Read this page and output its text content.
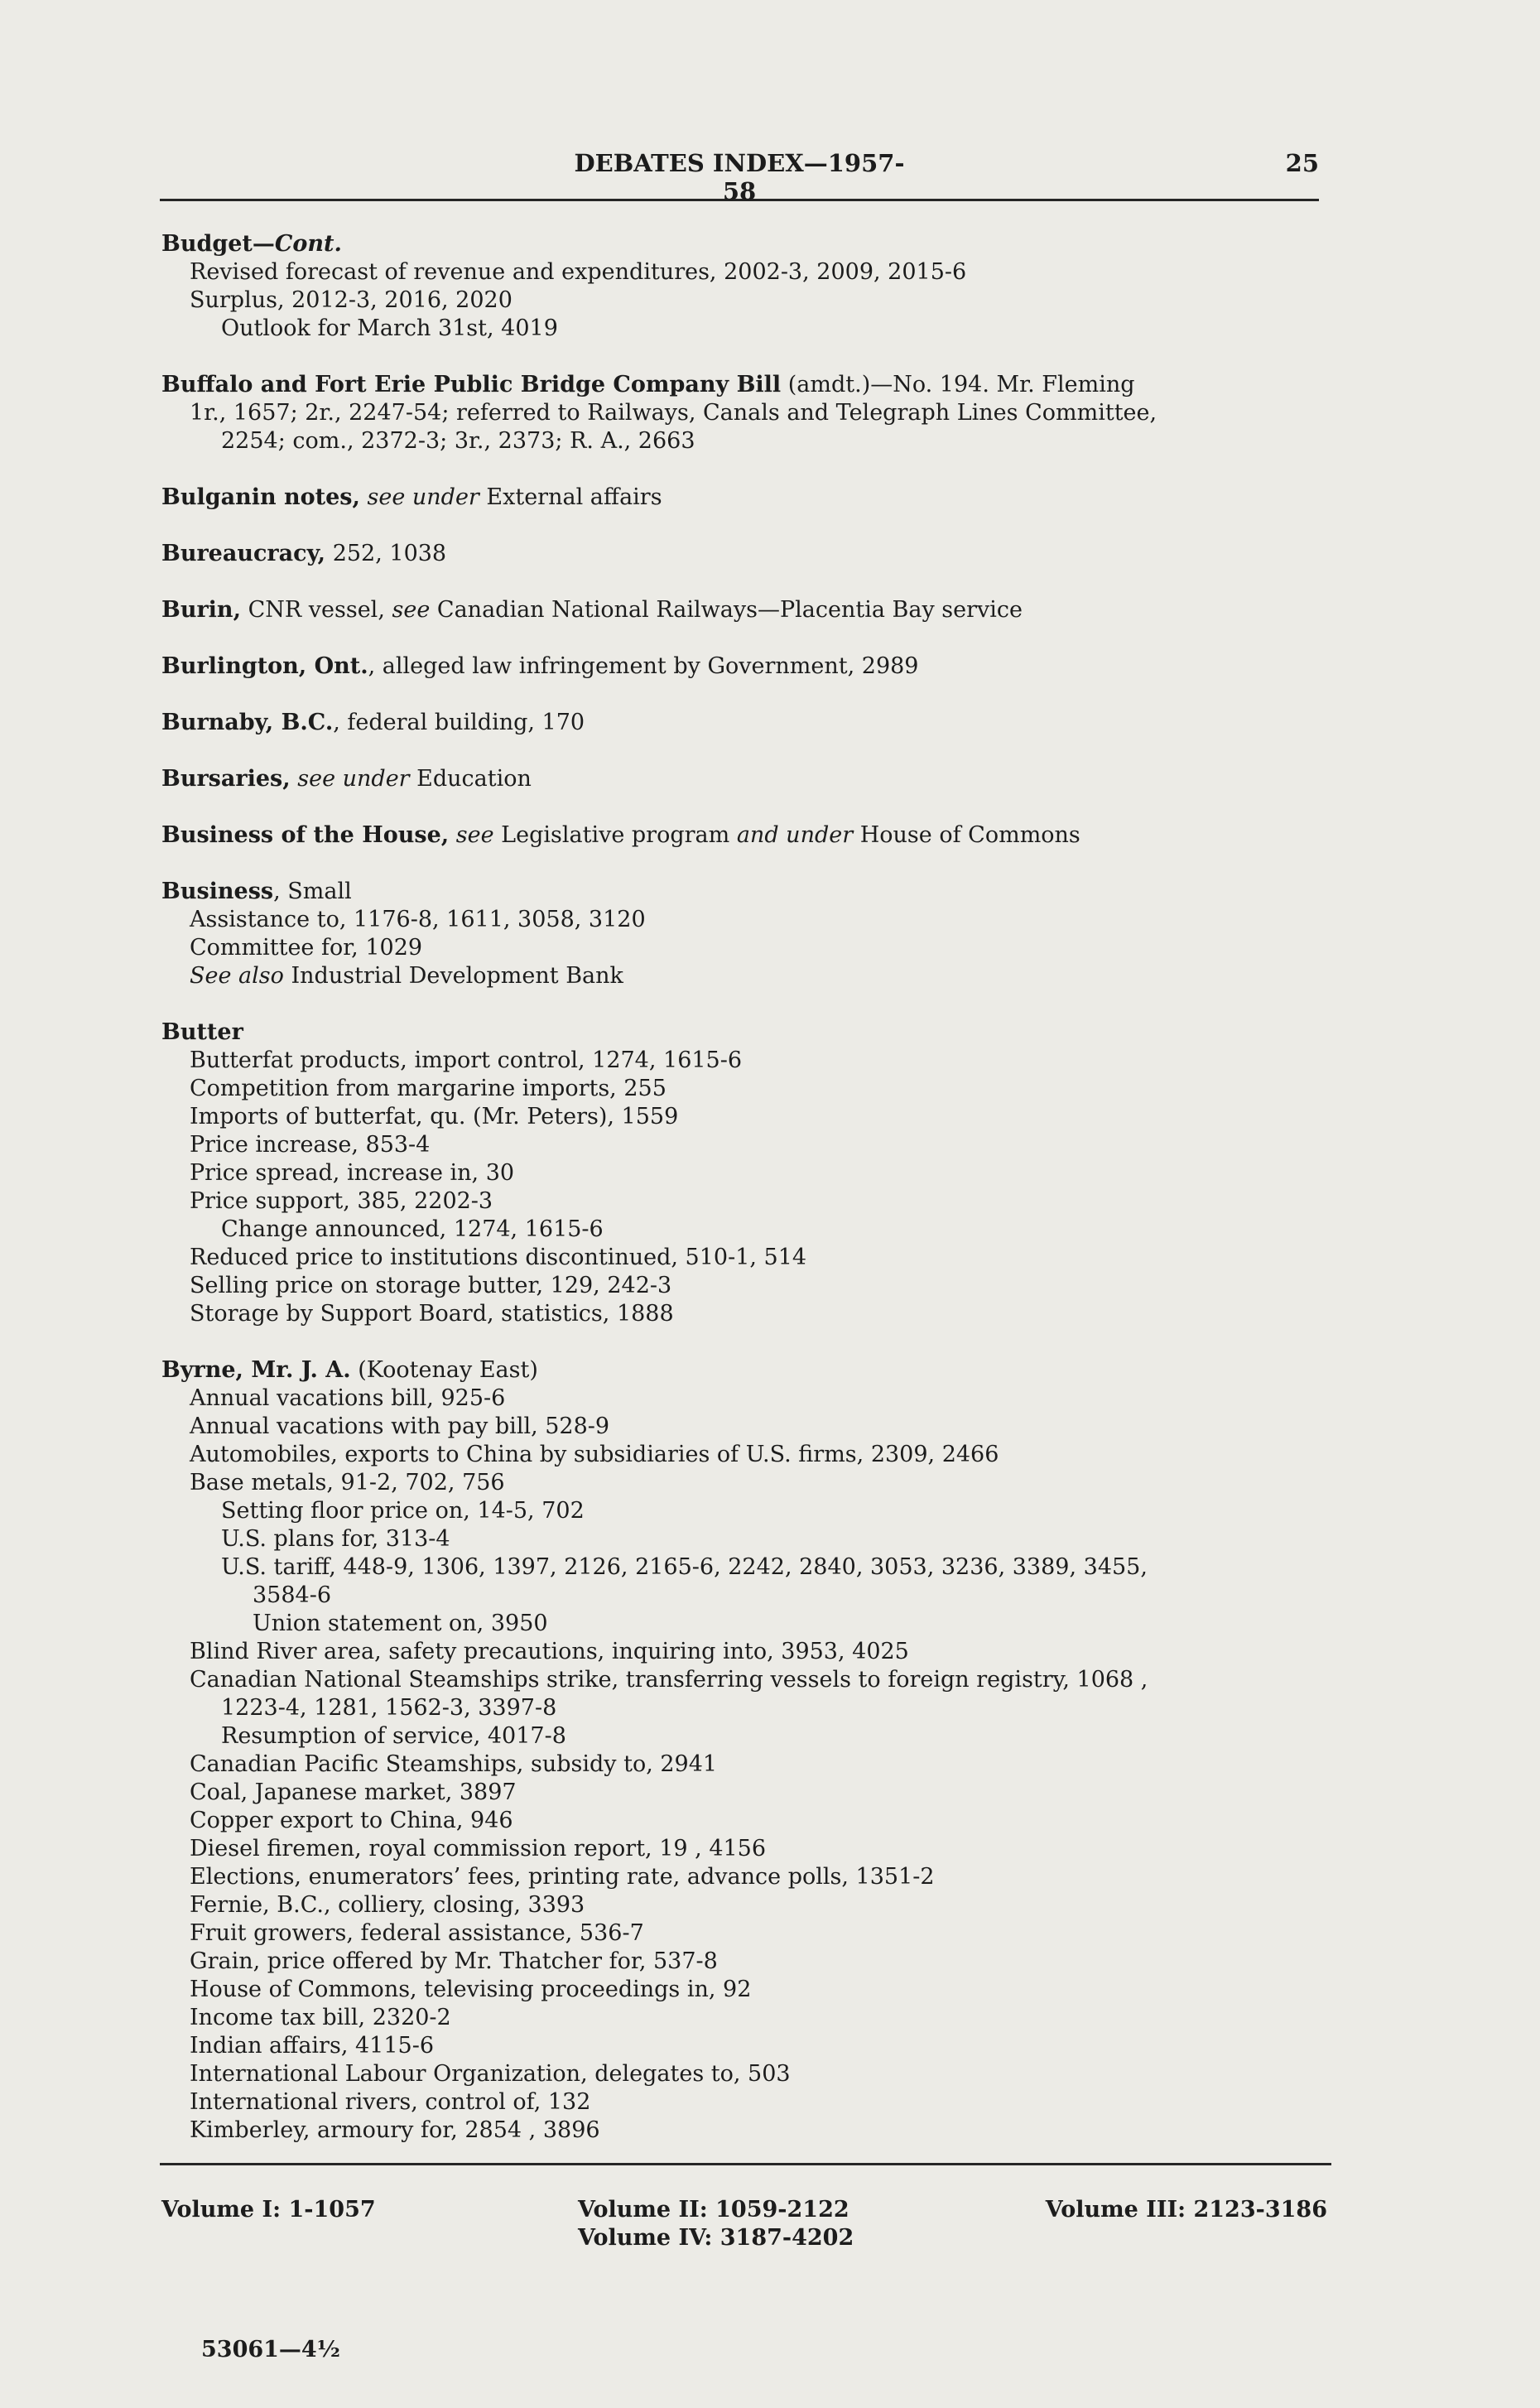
DEBATES INDEX—1957-58
25
Budget—Cont.
Revised forecast of revenue and expenditures, 2002-3, 2009, 2015-6
Surplus, 2012-3, 2016, 2020
Outlook for March 31st, 4019
Buffalo and Fort Erie Public Bridge Company Bill (amdt.)—No. 194. Mr. Fleming
1r., 1657; 2r., 2247-54; referred to Railways, Canals and Telegraph Lines Committee,
2254; com., 2372-3; 3r., 2373; R. A., 2663
Bulganin notes, see under External affairs
Bureaucracy, 252, 1038
Burin, CNR vessel, see Canadian National Railways—Placentia Bay service
Burlington, Ont., alleged law infringement by Government, 2989
Burnaby, B.C., federal building, 170
Bursaries, see under Education
Business of the House, see Legislative program and under House of Commons
Business, Small
Assistance to, 1176-8, 1611, 3058, 3120
Committee for, 1029
See also Industrial Development Bank
Butter
Butterfat products, import control, 1274, 1615-6
Competition from margarine imports, 255
Imports of butterfat, qu. (Mr. Peters), 1559
Price increase, 853-4
Price spread, increase in, 30
Price support, 385, 2202-3
Change announced, 1274, 1615-6
Reduced price to institutions discontinued, 510-1, 514
Selling price on storage butter, 129, 242-3
Storage by Support Board, statistics, 1888
Byrne, Mr. J. A. (Kootenay East)
Annual vacations bill, 925-6
Annual vacations with pay bill, 528-9
Automobiles, exports to China by subsidiaries of U.S. firms, 2309, 2466
Base metals, 91-2, 702, 756
Setting floor price on, 14-5, 702
U.S. plans for, 313-4
U.S. tariff, 448-9, 1306, 1397, 2126, 2165-6, 2242, 2840, 3053, 3236, 3389, 3455,
3584-6
Union statement on, 3950
Blind River area, safety precautions, inquiring into, 3953, 4025
Canadian National Steamships strike, transferring vessels to foreign registry, 1068 ,
1223-4, 1281, 1562-3, 3397-8
Resumption of service, 4017-8
Canadian Pacific Steamships, subsidy to, 2941
Coal, Japanese market, 3897
Copper export to China, 946
Diesel firemen, royal commission report, 19 , 4156
Elections, enumerators’ fees, printing rate, advance polls, 1351-2
Fernie, B.C., colliery, closing, 3393
Fruit growers, federal assistance, 536-7
Grain, price offered by Mr. Thatcher for, 537-8
House of Commons, televising proceedings in, 92
Income tax bill, 2320-2
Indian affairs, 4115-6
International Labour Organization, delegates to, 503
International rivers, control of, 132
Kimberley, armoury for, 2854 , 3896
Volume I: 1-1057	Volume II: 1059-2122
Volume IV: 3187-4202
Volume III: 2123-3186
53061—4½
